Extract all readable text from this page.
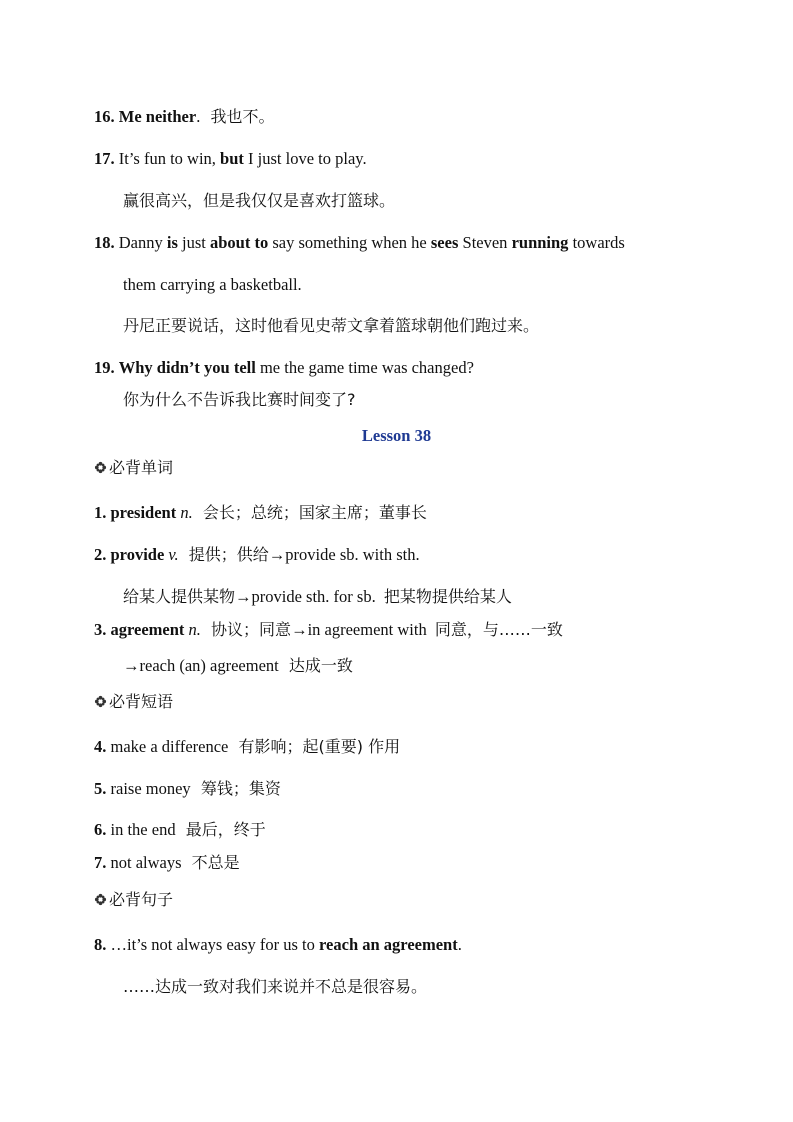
16. Me neither. 我也不。
17. It’s fun to win, but I just love to play.
赢很高兴，但是我仅仅是喜欢打篮球。
18. Danny is just about to say something when he sees Steven running towards
them carrying a basketball.
丹尼正要说话，这时他看见史蒂文拿着篮球朝他们跑过来。
19. Why didn’t you tell me the game time was changed?
你为什么不告诉我比赛时间变了?
Lesson 38
必背单词
1. president n. 会长；总统；国家主席；董事长
2. provide v. 提供；供给→provide sb. with sth.
给某人提供某物→provide sth. for sb. 把某物提供给某人
3. agreement n. 协议；同意→in agreement with 同意，与……一致
→reach (an) agreement 达成一致
必背短语
4. make a difference 有影响；起(重要) 作用
5. raise money 筹钱；集资
6. in the end 最后，终于
7. not always 不总是
必背句子
8. …it’s not always easy for us to reach an agreement.
……达成一致对我们来说并不总是很容易。
